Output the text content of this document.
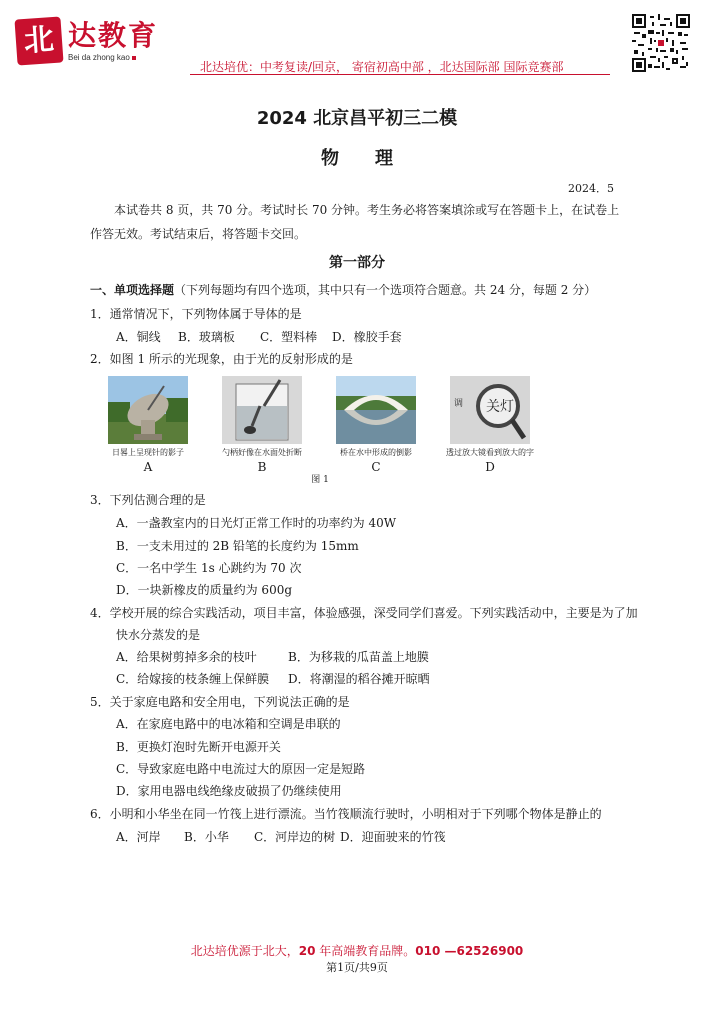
北 达教育
Bei da zhong kao
北达培优：中考复读/回京， 寄宿初高中部 ，北达国际部 国际竞赛部
2024 北京昌平初三二模
物理
2024．5
本试卷共 8 页，共 70 分。考试时长 70 分钟。考生务必将答案填涂或写在答题卡上，在试卷上作答无效。考试结束后，将答题卡交回。
第一部分
一、单项选择题（下列每题均有四个选项，其中只有一个选项符合题意。共 24 分，每题 2 分）
1．通常情况下，下列物体属于导体的是
A．铜线 B．玻璃板 C．塑料棒 D．橡胶手套
2．如图 1 所示的光现象，由于光的反射形成的是
日晷上呈现针的影子
A
勺柄好像在水面处折断
B
桥在水中形成的倒影
C
调 关灯
透过放大镜看到放大的字
D
图 1
3．下列估测合理的是
A．一盏教室内的日光灯正常工作时的功率约为 40W
B．一支未用过的 2B 铅笔的长度约为 15mm
C．一名中学生 1s 心跳约为 70 次
D．一块新橡皮的质量约为 600g
4．学校开展的综合实践活动，项目丰富，体验感强，深受同学们喜爱。下列实践活动中，主要是为了加
快水分蒸发的是
A．给果树剪掉多余的枝叶	B．为移栽的瓜苗盖上地膜
C．给嫁接的枝条缠上保鲜膜 D．将潮湿的稻谷摊开晾晒
5．关于家庭电路和安全用电，下列说法正确的是
A．在家庭电路中的电冰箱和空调是串联的
B．更换灯泡时先断开电源开关
C．导致家庭电路中电流过大的原因一定是短路
D．家用电器电线绝缘皮破损了仍继续使用
6．小明和小华坐在同一竹筏上进行漂流。当竹筏顺流行驶时，小明相对于下列哪个物体是静止的
A．河岸 B．小华 C．河岸边的树 D．迎面驶来的竹筏
北达培优源于北大，20 年高端教育品牌。010 —62526900
第1页/共9页
